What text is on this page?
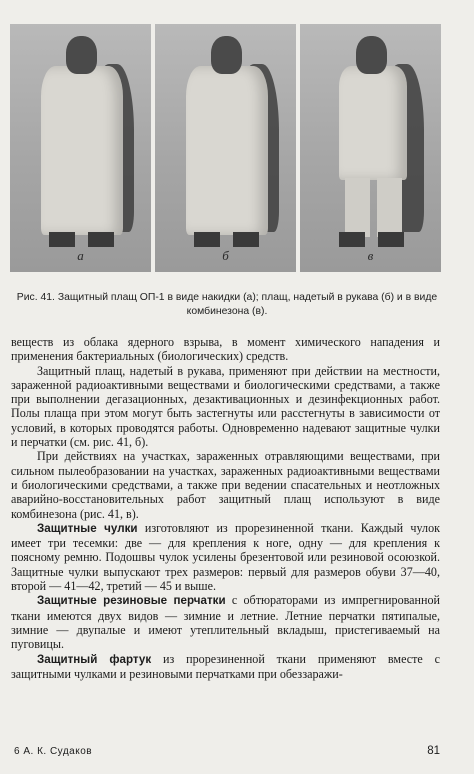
а	б	в
Рис. 41. Защитный плащ ОП-1 в виде накидки (а); плащ, надетый в рукава (б) и в виде комбинезона (в).

веществ из облака ядерного взрыва, в момент химического нападения и применения бактериальных (биологических) средств.

Защитный плащ, надетый в рукава, применяют при действии на местности, зараженной радиоактивными веществами и биологическими средствами, а также при выполнении дегазационных, дезактивационных и дезинфекционных работ. Полы плаща при этом могут быть застегнуты или расстегнуты в зависимости от условий, в которых проводятся работы. Одновременно надевают защитные чулки и перчатки (см. рис. 41, б).

При действиях на участках, зараженных отравляющими веществами, при сильном пылеобразовании на участках, зараженных радиоактивными веществами и биологическими средствами, а также при ведении спасательных и неотложных аварийно-восстановительных работ защитный плащ используют в виде комбинезона (рис. 41, в).

Защитные чулки изготовляют из прорезиненной ткани. Каждый чулок имеет три тесемки: две — для крепления к ноге, одну — для крепления к поясному ремню. Подошвы чулок усилены брезентовой или резиновой осоюзкой. Защитные чулки выпускают трех размеров: первый для размеров обуви 37—40, второй — 41—42, третий — 45 и выше.

Защитные резиновые перчатки с обтюраторами из импрегнированной ткани имеются двух видов — зимние и летние. Летние перчатки пятипалые, зимние — двупалые и имеют утеплительный вкладыш, пристегиваемый на пуговицы.

Защитный фартук из прорезиненной ткани применяют вместе с защитными чулками и резиновыми перчатками при обеззаражи-

6 А. К. Судаков	81
